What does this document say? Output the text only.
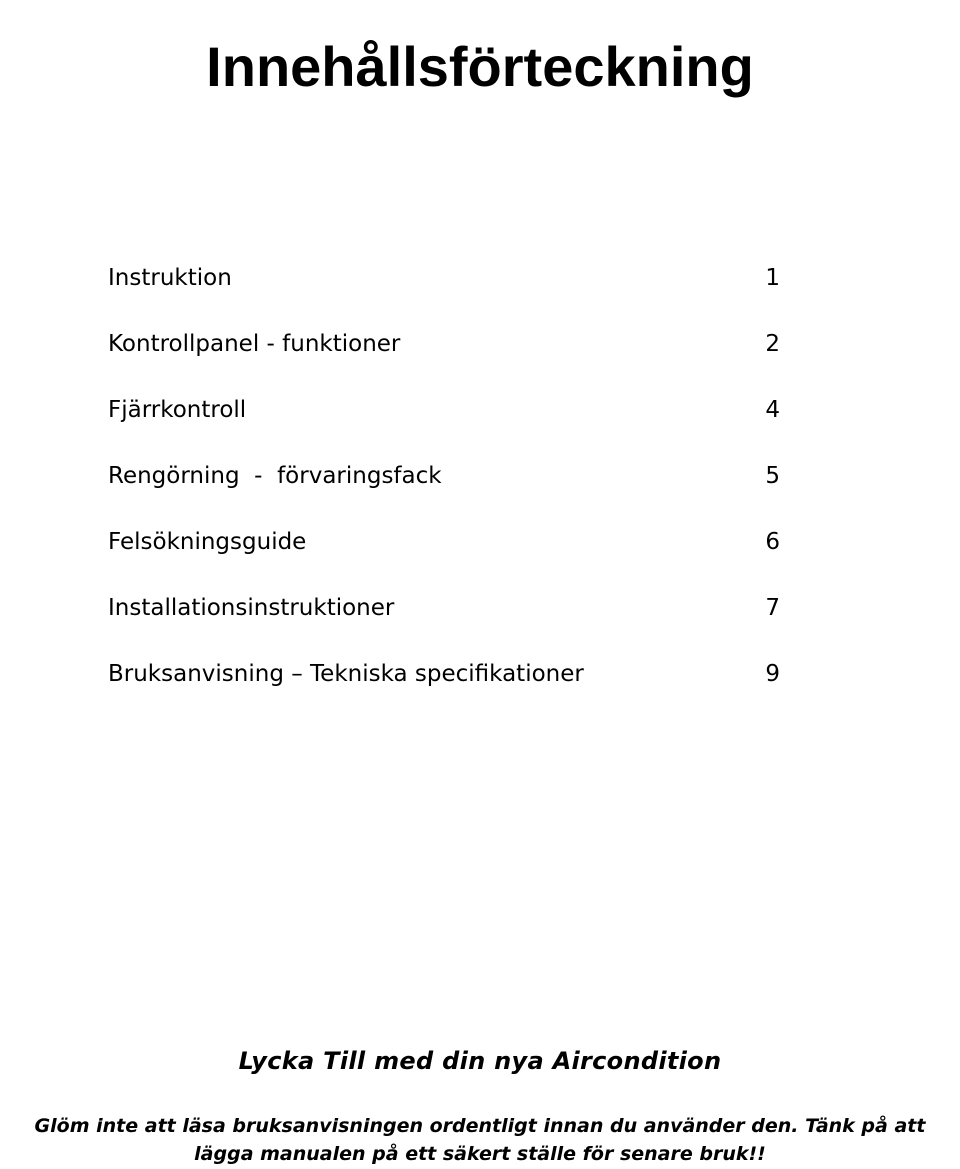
Innehållsförteckning
Instruktion	1
Kontrollpanel - funktioner	2
Fjärrkontroll	4
Rengörning  -  förvaringsfack	5
Felsökningsguide	6
Installationsinstruktioner	7
Bruksanvisning – Tekniska specifikationer	9
Lycka Till med din nya Aircondition
Glöm inte att läsa bruksanvisningen ordentligt innan du använder den. Tänk på att
lägga manualen på ett säkert ställe för senare bruk!!
